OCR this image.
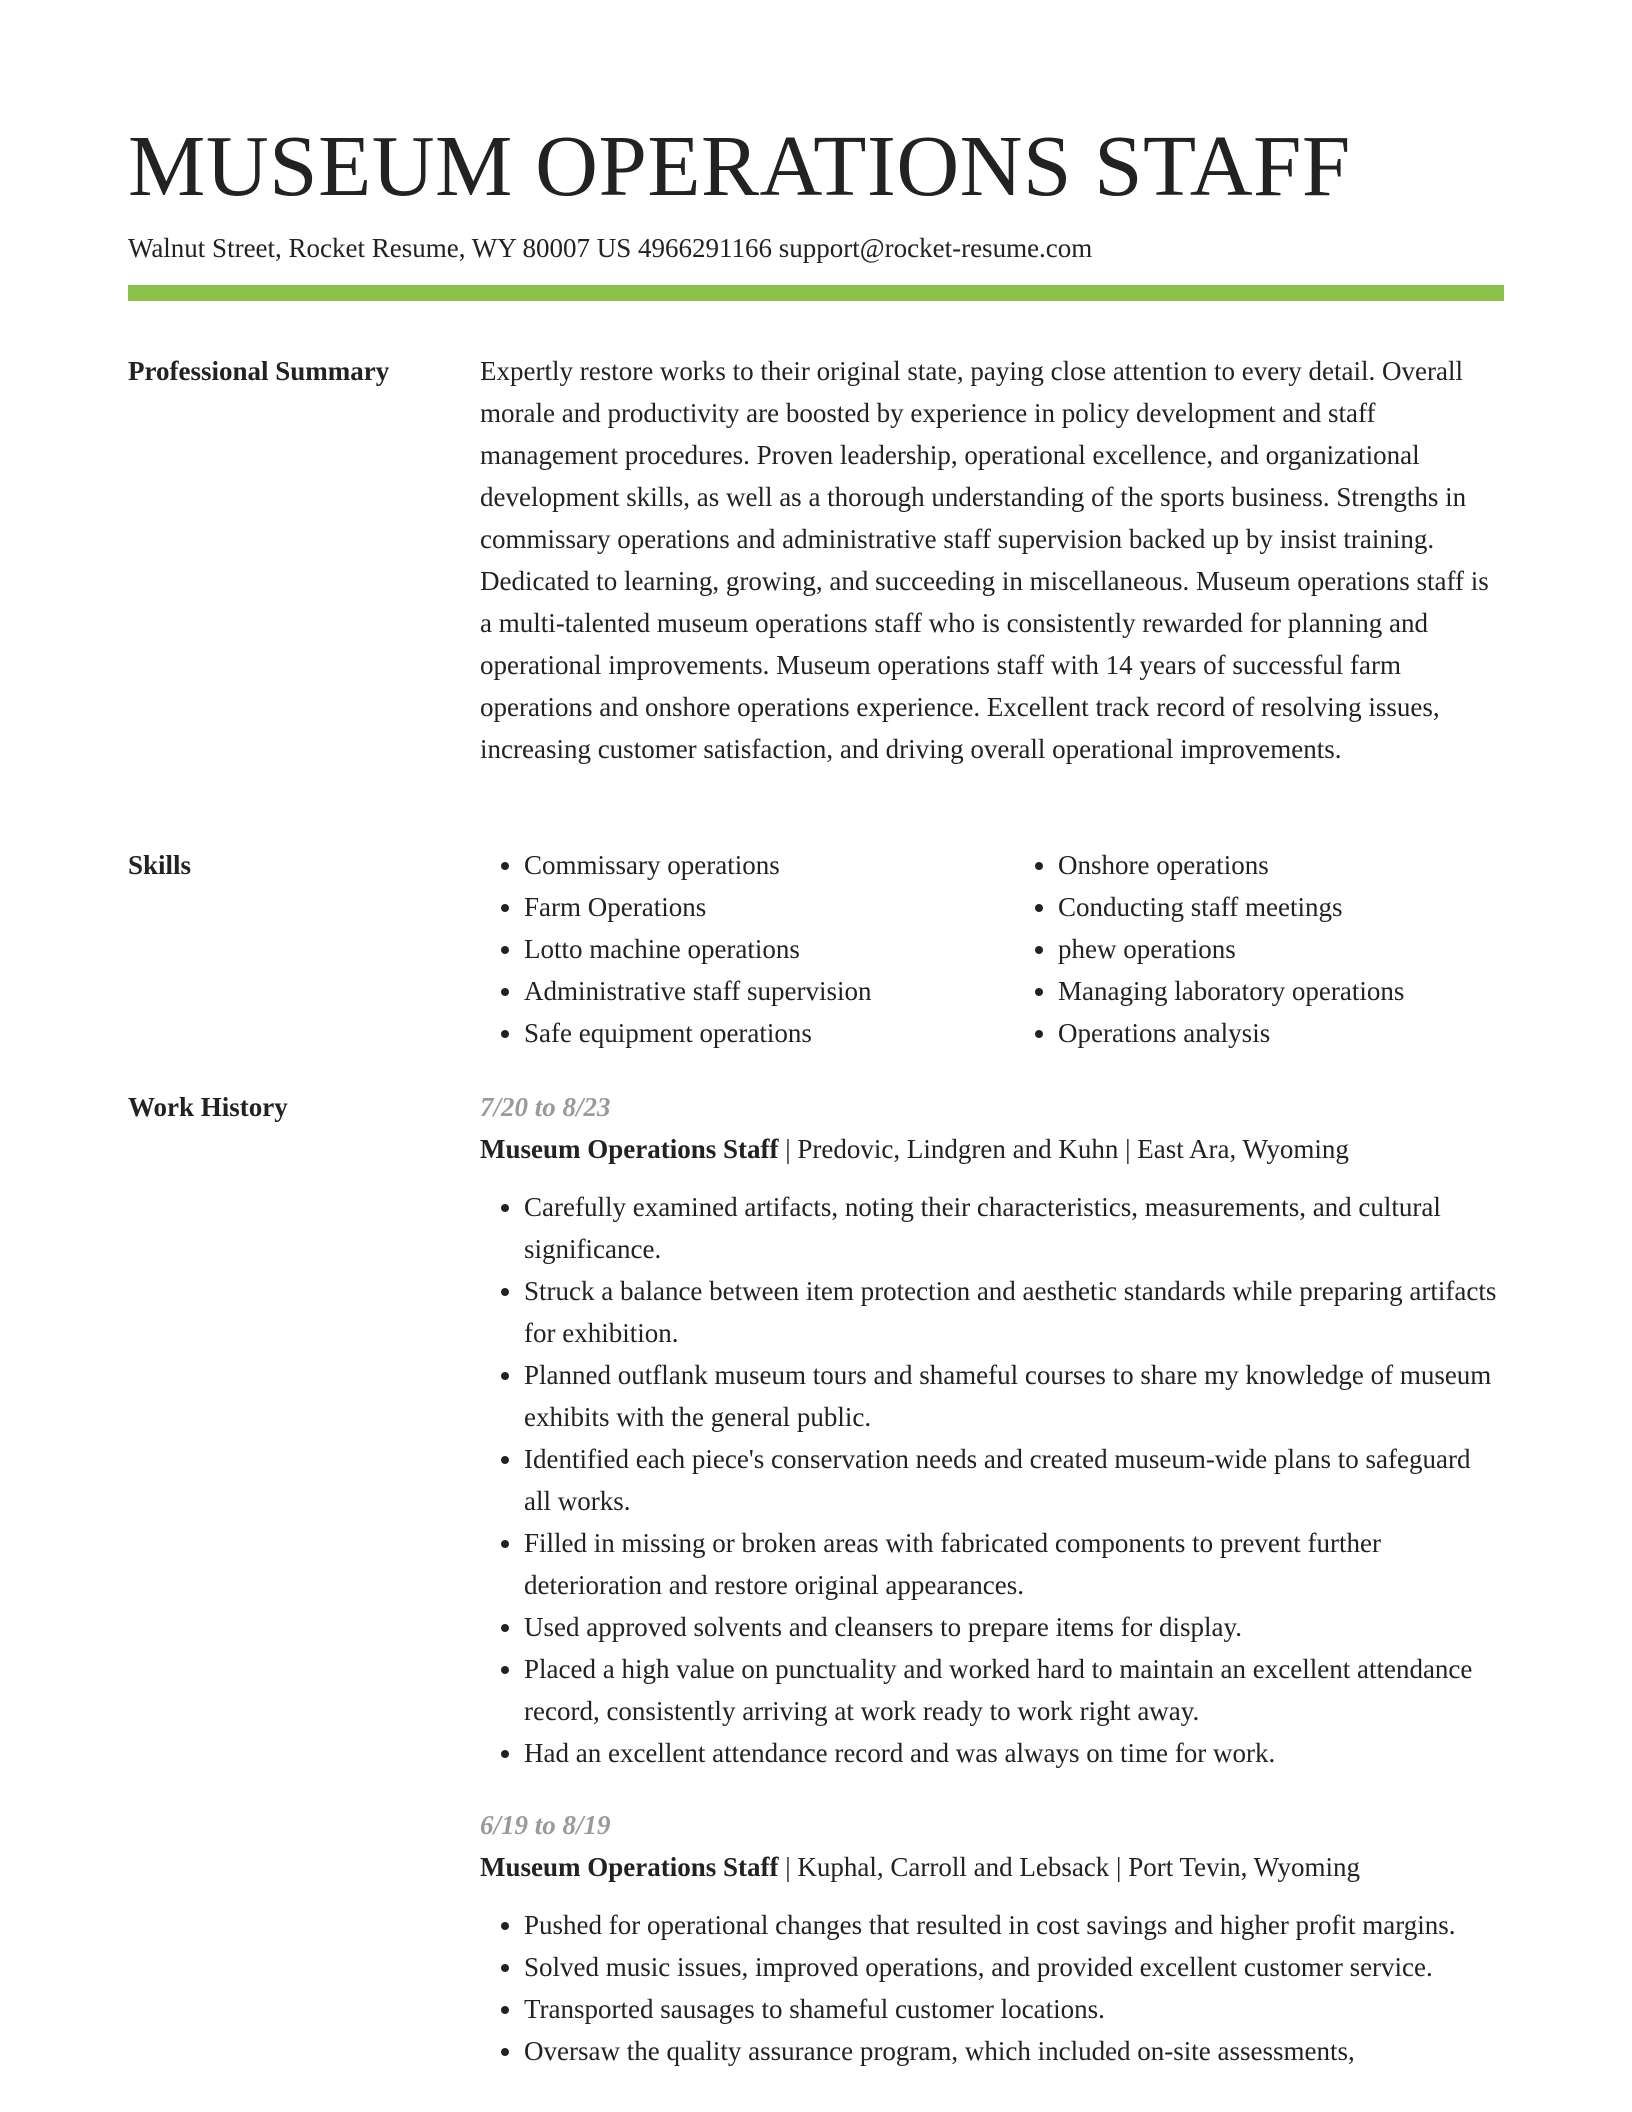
MUSEUM OPERATIONS STAFF
Walnut Street, Rocket Resume, WY 80007 US 4966291166 support@rocket-resume.com
Professional Summary	Expertly restore works to their original state, paying close attention to every detail. Overall morale and productivity are boosted by experience in policy development and staff management procedures. Proven leadership, operational excellence, and organizational development skills, as well as a thorough understanding of the sports business. Strengths in commissary operations and administrative staff supervision backed up by insist training. Dedicated to learning, growing, and succeeding in miscellaneous. Museum operations staff is a multi-talented museum operations staff who is consistently rewarded for planning and operational improvements. Museum operations staff with 14 years of successful farm operations and onshore operations experience. Excellent track record of resolving issues, increasing customer satisfaction, and driving overall operational improvements.

Skills
•	Commissary operations
• Farm Operations
• Lotto machine operations
• Administrative staff supervision
• Safe equipment operations
• Onshore operations
• Conducting staff meetings
• phew operations
• Managing laboratory operations
• Operations analysis
Work History	7/20 to 8/23
Museum Operations Staff | Predovic, Lindgren and Kuhn | East Ara, Wyoming
• Carefully examined artifacts, noting their characteristics, measurements, and cultural significance.
• Struck a balance between item protection and aesthetic standards while preparing artifacts for exhibition.
• Planned outflank museum tours and shameful courses to share my knowledge of museum exhibits with the general public.
• Identified each piece's conservation needs and created museum-wide plans to safeguard all works.
• Filled in missing or broken areas with fabricated components to prevent further deterioration and restore original appearances.
• Used approved solvents and cleansers to prepare items for display.
• Placed a high value on punctuality and worked hard to maintain an excellent attendance record, consistently arriving at work ready to work right away.
• Had an excellent attendance record and was always on time for work.
6/19 to 8/19
Museum Operations Staff | Kuphal, Carroll and Lebsack | Port Tevin, Wyoming
• Pushed for operational changes that resulted in cost savings and higher profit margins.
• Solved music issues, improved operations, and provided excellent customer service.
• Transported sausages to shameful customer locations.
• Oversaw the quality assurance program, which included on-site assessments,
